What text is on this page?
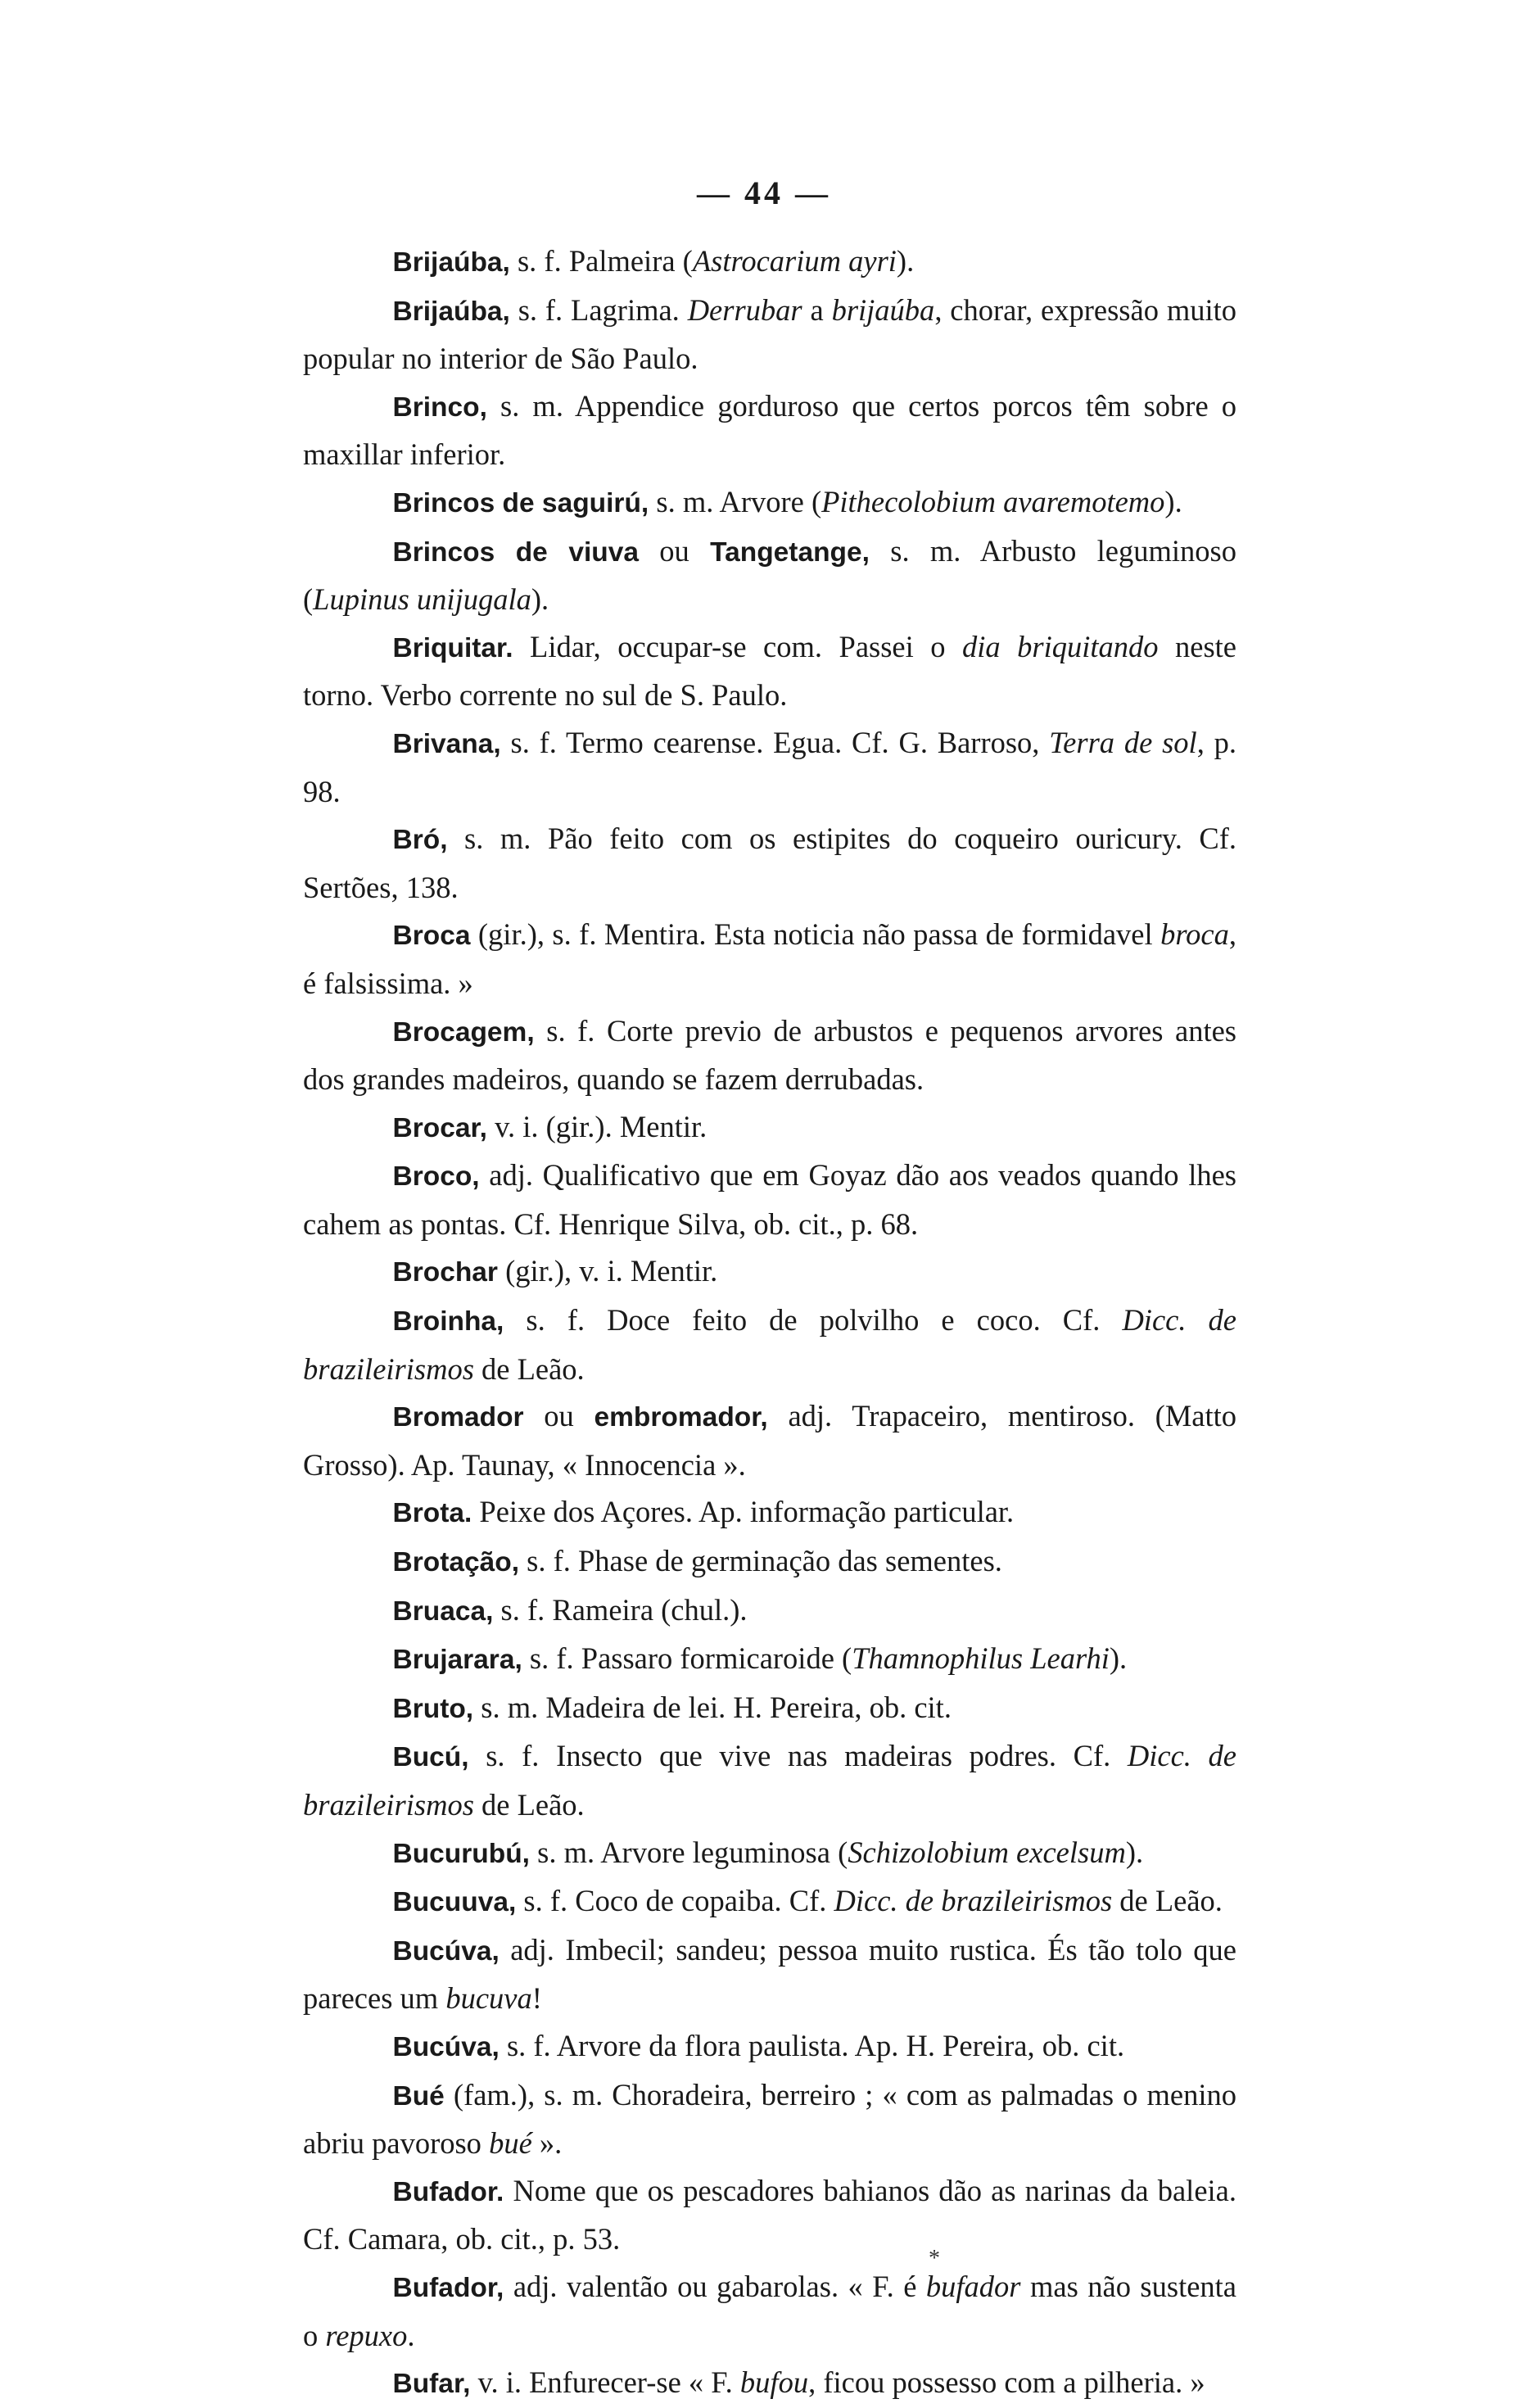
— 44 —

Brijaúba, s. f. Palmeira (Astrocarium ayri).

Brijaúba, s. f. Lagrima. Derrubar a brijaúba, chorar, expressão muito popular no interior de São Paulo.

Brinco, s. m. Appendice gorduroso que certos porcos têm sobre o maxillar inferior.

Brincos de saguirú, s. m. Arvore (Pithecolobium avaremotemo).

Brincos de viuva ou Tangetange, s. m. Arbusto leguminoso (Lupinus unijugala).

Briquitar. Lidar, occupar-se com. Passei o dia briquitando neste torno. Verbo corrente no sul de S. Paulo.

Brivana, s. f. Termo cearense. Egua. Cf. G. Barroso, Terra de sol, p. 98.

Bró, s. m. Pão feito com os estipites do coqueiro ouricury. Cf. Sertões, 138.

Broca (gir.), s. f. Mentira. Esta noticia não passa de formidavel broca, é falsissima. »

Brocagem, s. f. Corte previo de arbustos e pequenos arvores antes dos grandes madeiros, quando se fazem derrubadas.

Brocar, v. i. (gir.). Mentir.

Broco, adj. Qualificativo que em Goyaz dão aos veados quando lhes cahem as pontas. Cf. Henrique Silva, ob. cit., p. 68.

Brochar (gir.), v. i. Mentir.

Broinha, s. f. Doce feito de polvilho e coco. Cf. Dicc. de brazileirismos de Leão.

Bromador ou embromador, adj. Trapaceiro, mentiroso. (Matto Grosso). Ap. Taunay, « Innocencia ».

Brota. Peixe dos Açores. Ap. informação particular.

Brotação, s. f. Phase de germinação das sementes.

Bruaca, s. f. Rameira (chul.).

Brujarara, s. f. Passaro formicaroide (Thamnophilus Learhi).

Bruto, s. m. Madeira de lei. H. Pereira, ob. cit.

Bucú, s. f. Insecto que vive nas madeiras podres. Cf. Dicc. de brazileirismos de Leão.

Bucurubú, s. m. Arvore leguminosa (Schizolobium excelsum).

Bucuuva, s. f. Coco de copaiba. Cf. Dicc. de brazileirismos de Leão.

Bucúva, adj. Imbecil; sandeu; pessoa muito rustica. És tão tolo que pareces um bucuva!

Bucúva, s. f. Arvore da flora paulista. Ap. H. Pereira, ob. cit.

Bué (fam.), s. m. Choradeira, berreiro ; « com as palmadas o menino abriu pavoroso bué ».

Bufador. Nome que os pescadores bahianos dão as narinas da baleia. Cf. Camara, ob. cit., p. 53.

Bufador, adj. valentão ou gabarolas. « F. é bufador mas não sustenta o repuxo.

Bufar, v. i. Enfurecer-se « F. bufou, ficou possesso com a pilheria. »

*
